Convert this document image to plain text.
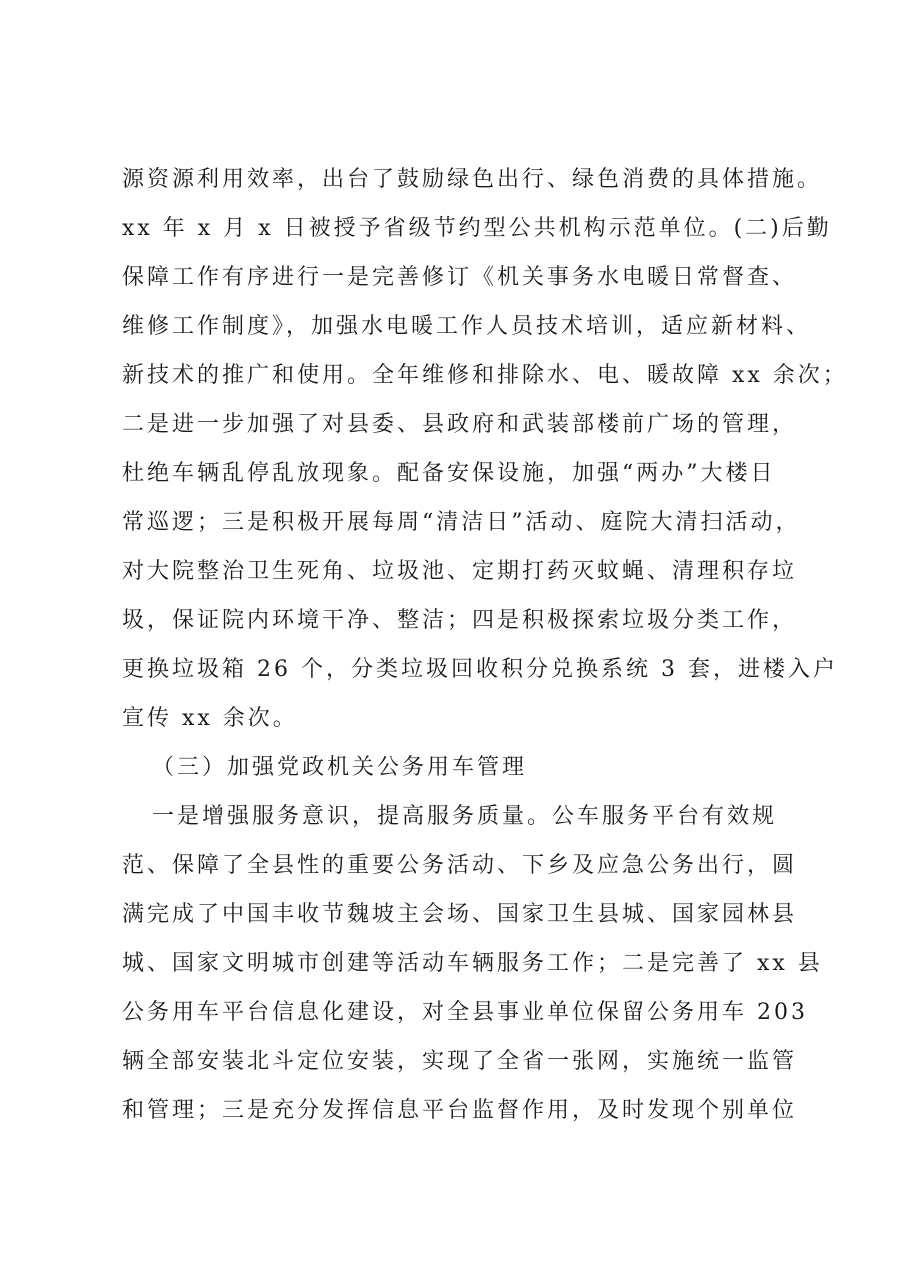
源资源利用效率，出台了鼓励绿色出行、绿色消费的具体措施。
xx 年 x 月 x 日被授予省级节约型公共机构示范单位。(二)后勤
保障工作有序进行一是完善修订《机关事务水电暖日常督查、
维修工作制度》，加强水电暖工作人员技术培训，适应新材料、
新技术的推广和使用。全年维修和排除水、电、暖故障 xx 余次；
二是进一步加强了对县委、县政府和武装部楼前广场的管理，
杜绝车辆乱停乱放现象。配备安保设施，加强“两办”大楼日
常巡逻；三是积极开展每周“清洁日”活动、庭院大清扫活动，
对大院整治卫生死角、垃圾池、定期打药灭蚊蝇、清理积存垃
圾，保证院内环境干净、整洁；四是积极探索垃圾分类工作，
更换垃圾箱 26 个，分类垃圾回收积分兑换系统 3 套，进楼入户
宣传 xx 余次。
（三）加强党政机关公务用车管理
一是增强服务意识，提高服务质量。公车服务平台有效规
范、保障了全县性的重要公务活动、下乡及应急公务出行，圆
满完成了中国丰收节魏坡主会场、国家卫生县城、国家园林县
城、国家文明城市创建等活动车辆服务工作；二是完善了 xx 县
公务用车平台信息化建设，对全县事业单位保留公务用车 203
辆全部安装北斗定位安装，实现了全省一张网，实施统一监管
和管理；三是充分发挥信息平台监督作用，及时发现个别单位
